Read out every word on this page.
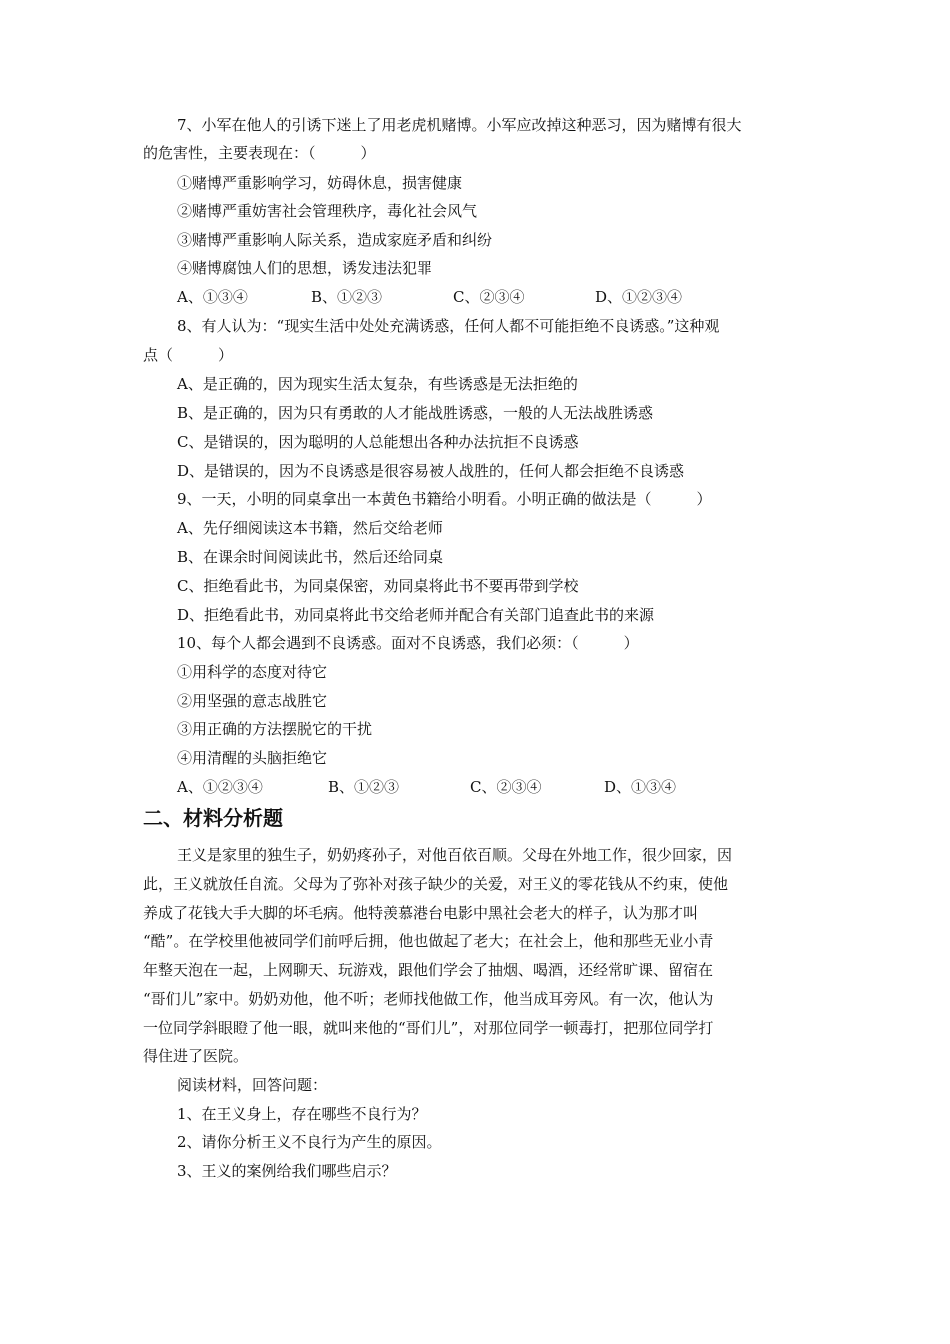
7、小军在他人的引诱下迷上了用老虎机赌博。小军应改掉这种恶习，因为赌博有很大
的危害性，主要表现在：（　　　）
①赌博严重影响学习，妨碍休息，损害健康
②赌博严重妨害社会管理秩序，毒化社会风气
③赌博严重影响人际关系，造成家庭矛盾和纠纷
④赌博腐蚀人们的思想，诱发违法犯罪
A、①③④	B、①②③	C、②③④	D、①②③④
8、有人认为：“现实生活中处处充满诱惑，任何人都不可能拒绝不良诱惑。”这种观
点（　　　）
A、是正确的，因为现实生活太复杂，有些诱惑是无法拒绝的
B、是正确的，因为只有勇敢的人才能战胜诱惑，一般的人无法战胜诱惑
C、是错误的，因为聪明的人总能想出各种办法抗拒不良诱惑
D、是错误的，因为不良诱惑是很容易被人战胜的，任何人都会拒绝不良诱惑
9、一天，小明的同桌拿出一本黄色书籍给小明看。小明正确的做法是（　　　）
A、先仔细阅读这本书籍，然后交给老师
B、在课余时间阅读此书，然后还给同桌
C、拒绝看此书，为同桌保密，劝同桌将此书不要再带到学校
D、拒绝看此书，劝同桌将此书交给老师并配合有关部门追查此书的来源
10、每个人都会遇到不良诱惑。面对不良诱惑，我们必须：（　　　）
①用科学的态度对待它
②用坚强的意志战胜它
③用正确的方法摆脱它的干扰
④用清醒的头脑拒绝它
A、①②③④	B、①②③	C、②③④	D、①③④
二、材料分析题
王义是家里的独生子，奶奶疼孙子，对他百依百顺。父母在外地工作，很少回家，因
此，王义就放任自流。父母为了弥补对孩子缺少的关爱，对王义的零花钱从不约束，使他
养成了花钱大手大脚的坏毛病。他特羡慕港台电影中黑社会老大的样子，认为那才叫
“酷”。在学校里他被同学们前呼后拥，他也做起了老大；在社会上，他和那些无业小青
年整天泡在一起，上网聊天、玩游戏，跟他们学会了抽烟、喝酒，还经常旷课、留宿在
“哥们儿”家中。奶奶劝他，他不听；老师找他做工作，他当成耳旁风。有一次，他认为
一位同学斜眼瞪了他一眼，就叫来他的“哥们儿”，对那位同学一顿毒打，把那位同学打
得住进了医院。
阅读材料，回答问题：
1、在王义身上，存在哪些不良行为？
2、请你分析王义不良行为产生的原因。
3、王义的案例给我们哪些启示？
